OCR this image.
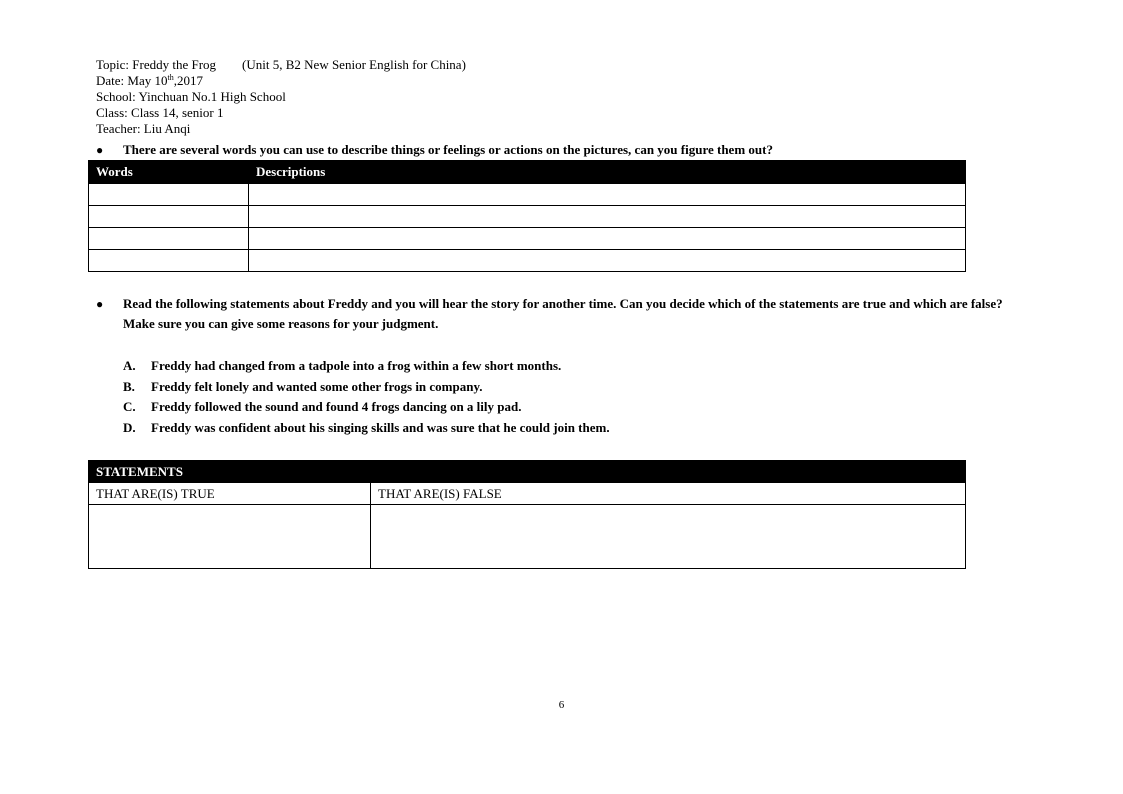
Topic: Freddy the Frog (Unit 5, B2 New Senior English for China)
Date: May 10th,2017
School: Yinchuan No.1 High School
Class: Class 14, senior 1
Teacher: Liu Anqi
●	There are several words you can use to describe things or feelings or actions on the pictures, can you figure them out?
Words	Descriptions

●	Read the following statements about Freddy and you will hear the story for another time. Can you decide which of the statements are true and which are false? Make sure you can give some reasons for your judgment.
A.	Freddy had changed from a tadpole into a frog within a few short months.
B.	Freddy felt lonely and wanted some other frogs in company.
C.	Freddy followed the sound and found 4 frogs dancing on a lily pad.
D.	Freddy was confident about his singing skills and was sure that he could join them.
STATEMENTS	
THAT ARE(IS) TRUE	THAT ARE(IS) FALSE

6
